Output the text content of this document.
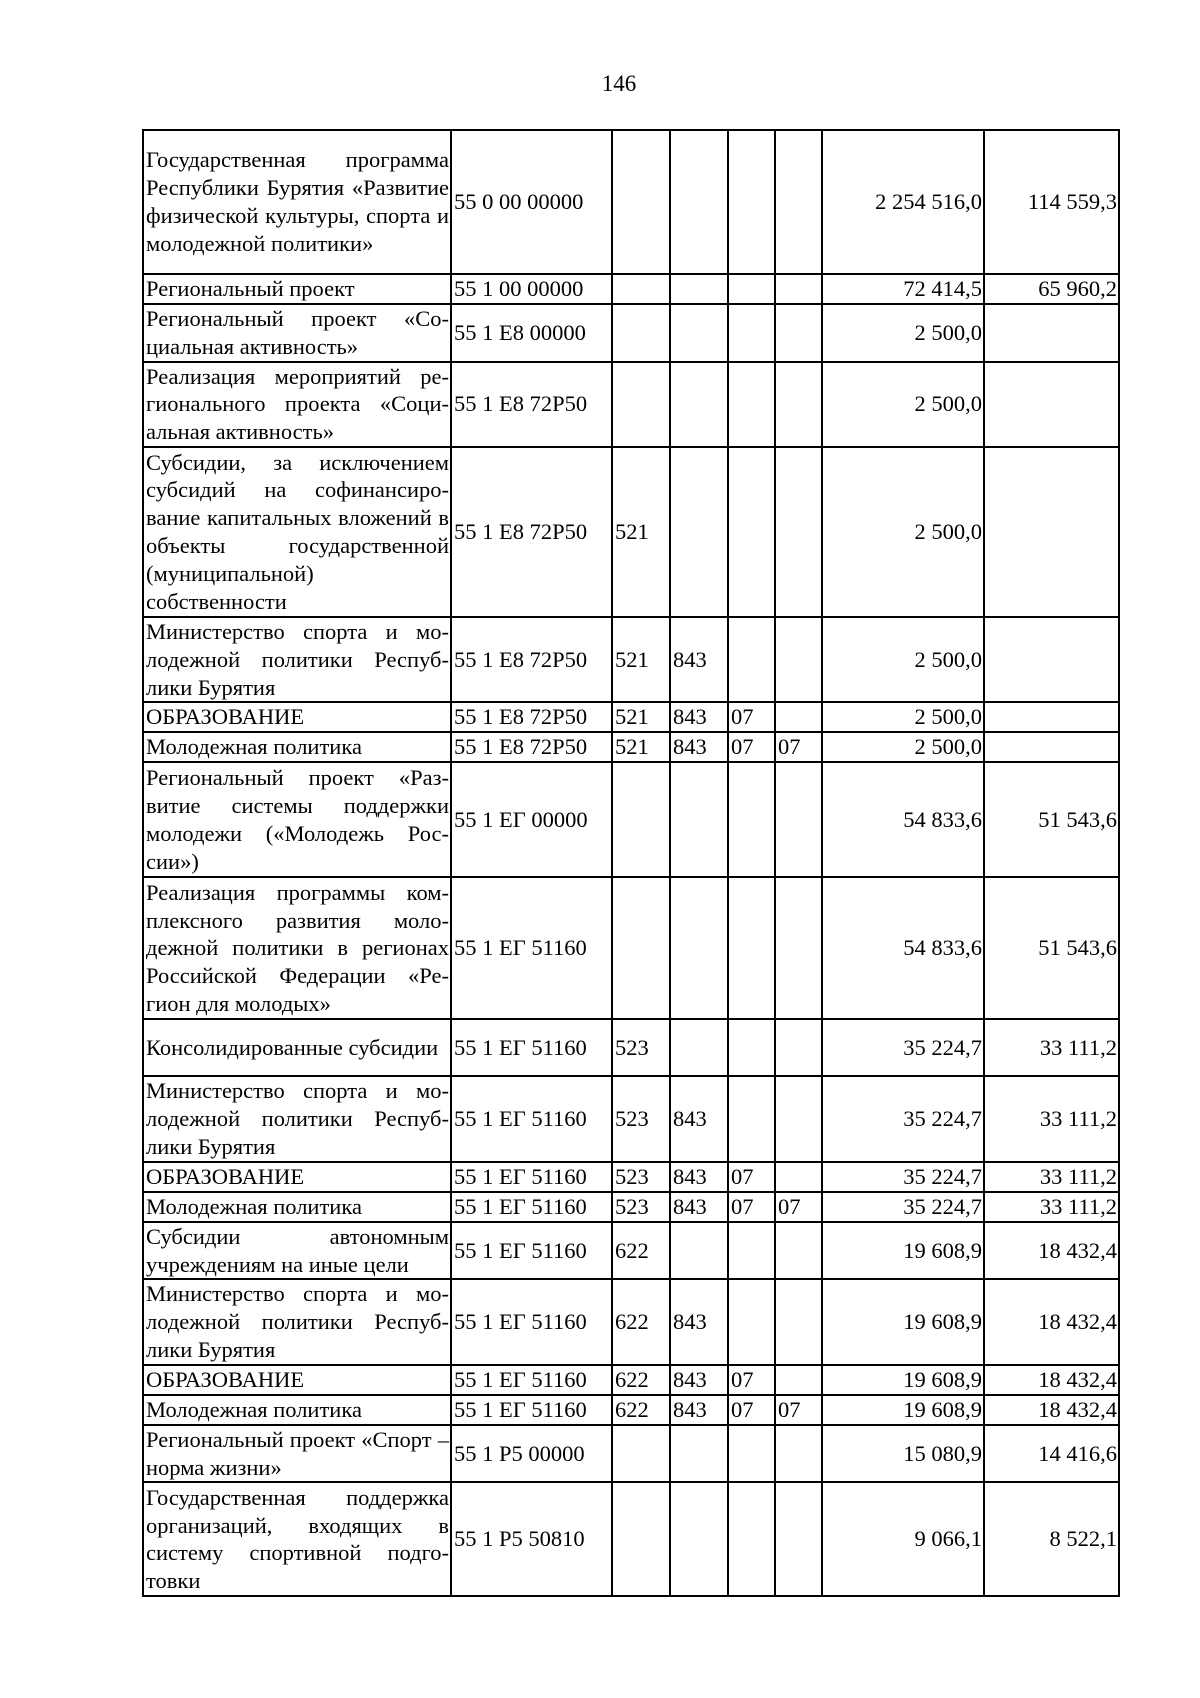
146
Государственная программа Республики Бурятия «Развитие физической культуры, спорта и молодежной политики»	55 0 00 00000					2 254 516,0	114 559,3
Региональный проект	55 1 00 00000					72 414,5	65 960,2
Региональный проект «Социальная активность»	55 1 Е8 00000					2 500,0	
Реализация мероприятий регионального проекта «Социальная активность»	55 1 Е8 72Р50					2 500,0	
Субсидии, за исключением субсидий на софинансирование капитальных вложений в объекты государственной (муниципальной) собственности	55 1 Е8 72Р50	521				2 500,0	
Министерство спорта и молодежной политики Республики Бурятия	55 1 Е8 72Р50	521	843			2 500,0	
ОБРАЗОВАНИЕ	55 1 Е8 72Р50	521	843	07		2 500,0	
Молодежная политика	55 1 Е8 72Р50	521	843	07	07	2 500,0	
Региональный проект «Развитие системы поддержки молодежи («Молодежь России»)	55 1 ЕГ 00000					54 833,6	51 543,6
Реализация программы комплексного развития молодежной политики в регионах Российской Федерации «Регион для молодых»	55 1 ЕГ 51160					54 833,6	51 543,6
Консолидированные субсидии	55 1 ЕГ 51160	523				35 224,7	33 111,2
Министерство спорта и молодежной политики Республики Бурятия	55 1 ЕГ 51160	523	843			35 224,7	33 111,2
ОБРАЗОВАНИЕ	55 1 ЕГ 51160	523	843	07		35 224,7	33 111,2
Молодежная политика	55 1 ЕГ 51160	523	843	07	07	35 224,7	33 111,2
Субсидии автономным учреждениям на иные цели	55 1 ЕГ 51160	622				19 608,9	18 432,4
Министерство спорта и молодежной политики Республики Бурятия	55 1 ЕГ 51160	622	843			19 608,9	18 432,4
ОБРАЗОВАНИЕ	55 1 ЕГ 51160	622	843	07		19 608,9	18 432,4
Молодежная политика	55 1 ЕГ 51160	622	843	07	07	19 608,9	18 432,4
Региональный проект «Спорт – норма жизни»	55 1 Р5 00000					15 080,9	14 416,6
Государственная поддержка организаций, входящих в систему спортивной подготовки	55 1 Р5 50810					9 066,1	8 522,1
